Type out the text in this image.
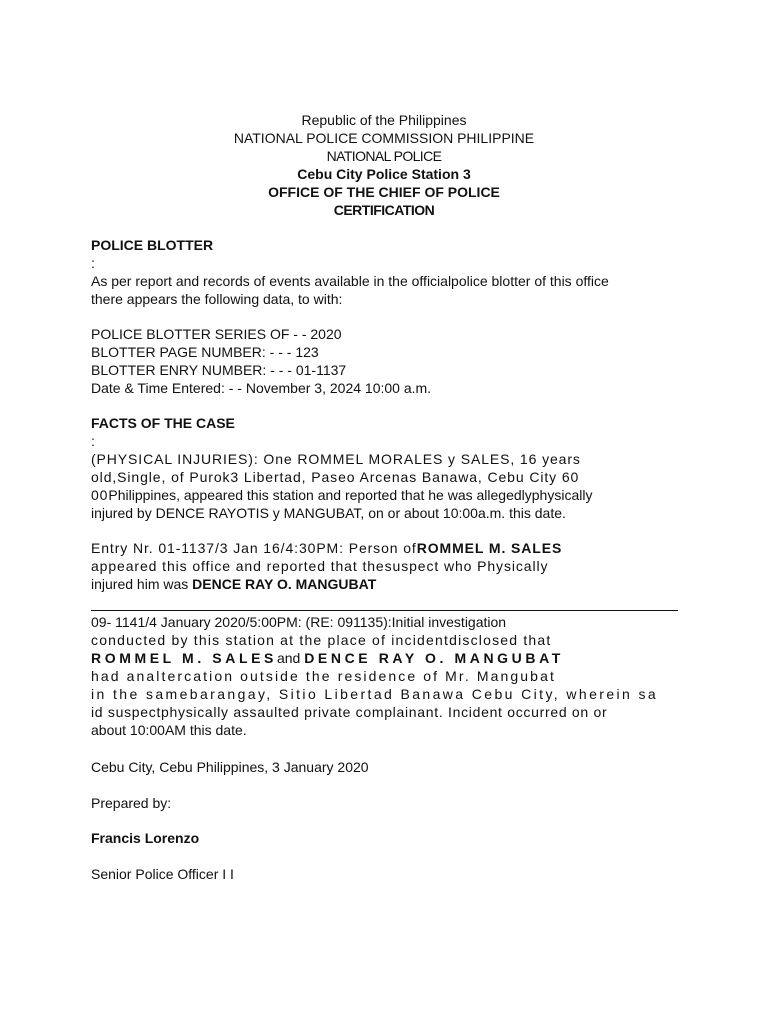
Republic of the Philippines
NATIONAL POLICE COMMISSION PHILIPPINE
NATIONAL POLICE
Cebu City Police Station 3
OFFICE OF THE CHIEF OF POLICE
CERTIFICATION

POLICE BLOTTER

:

As per report and records of events available in the officialpolice blotter of this office

there appears the following data, to with:

POLICE BLOTTER SERIES OF - - 2020

BLOTTER PAGE NUMBER: - - - 123

BLOTTER ENRY NUMBER: - - - 01-1137

Date & Time Entered: - - November 3, 2024 10:00 a.m.

FACTS OF THE CASE

:

(PHYSICAL INJURIES): One ROMMEL MORALES y SALES, 16 years

old,Single, of Purok3 Libertad, Paseo Arcenas Banawa, Cebu City 60

00Philippines, appeared this station and reported that he was allegedlyphysically

injured by DENCE RAYOTIS y MANGUBAT, on or about 10:00a.m. this date.

Entry Nr. 01-1137/3 Jan 16/4:30PM: Person ofROMMEL M. SALES

appeared this office and reported that thesuspect who Physically

injured him was DENCE RAY O. MANGUBAT

09- 1141/4 January 2020/5:00PM: (RE: 091135):Initial investigation

conducted by this station at the place of incidentdisclosed that

ROMMEL M. SALESand DENCE RAY O. MANGUBAT

had analtercation outside the residence of Mr. Mangubat

in the samebarangay, Sitio Libertad Banawa Cebu City, wherein sa

id suspectphysically assaulted private complainant. Incident occurred on or

about 10:00AM this date.

Cebu City, Cebu Philippines, 3 January 2020

Prepared by:

Francis Lorenzo

Senior Police Officer I I
